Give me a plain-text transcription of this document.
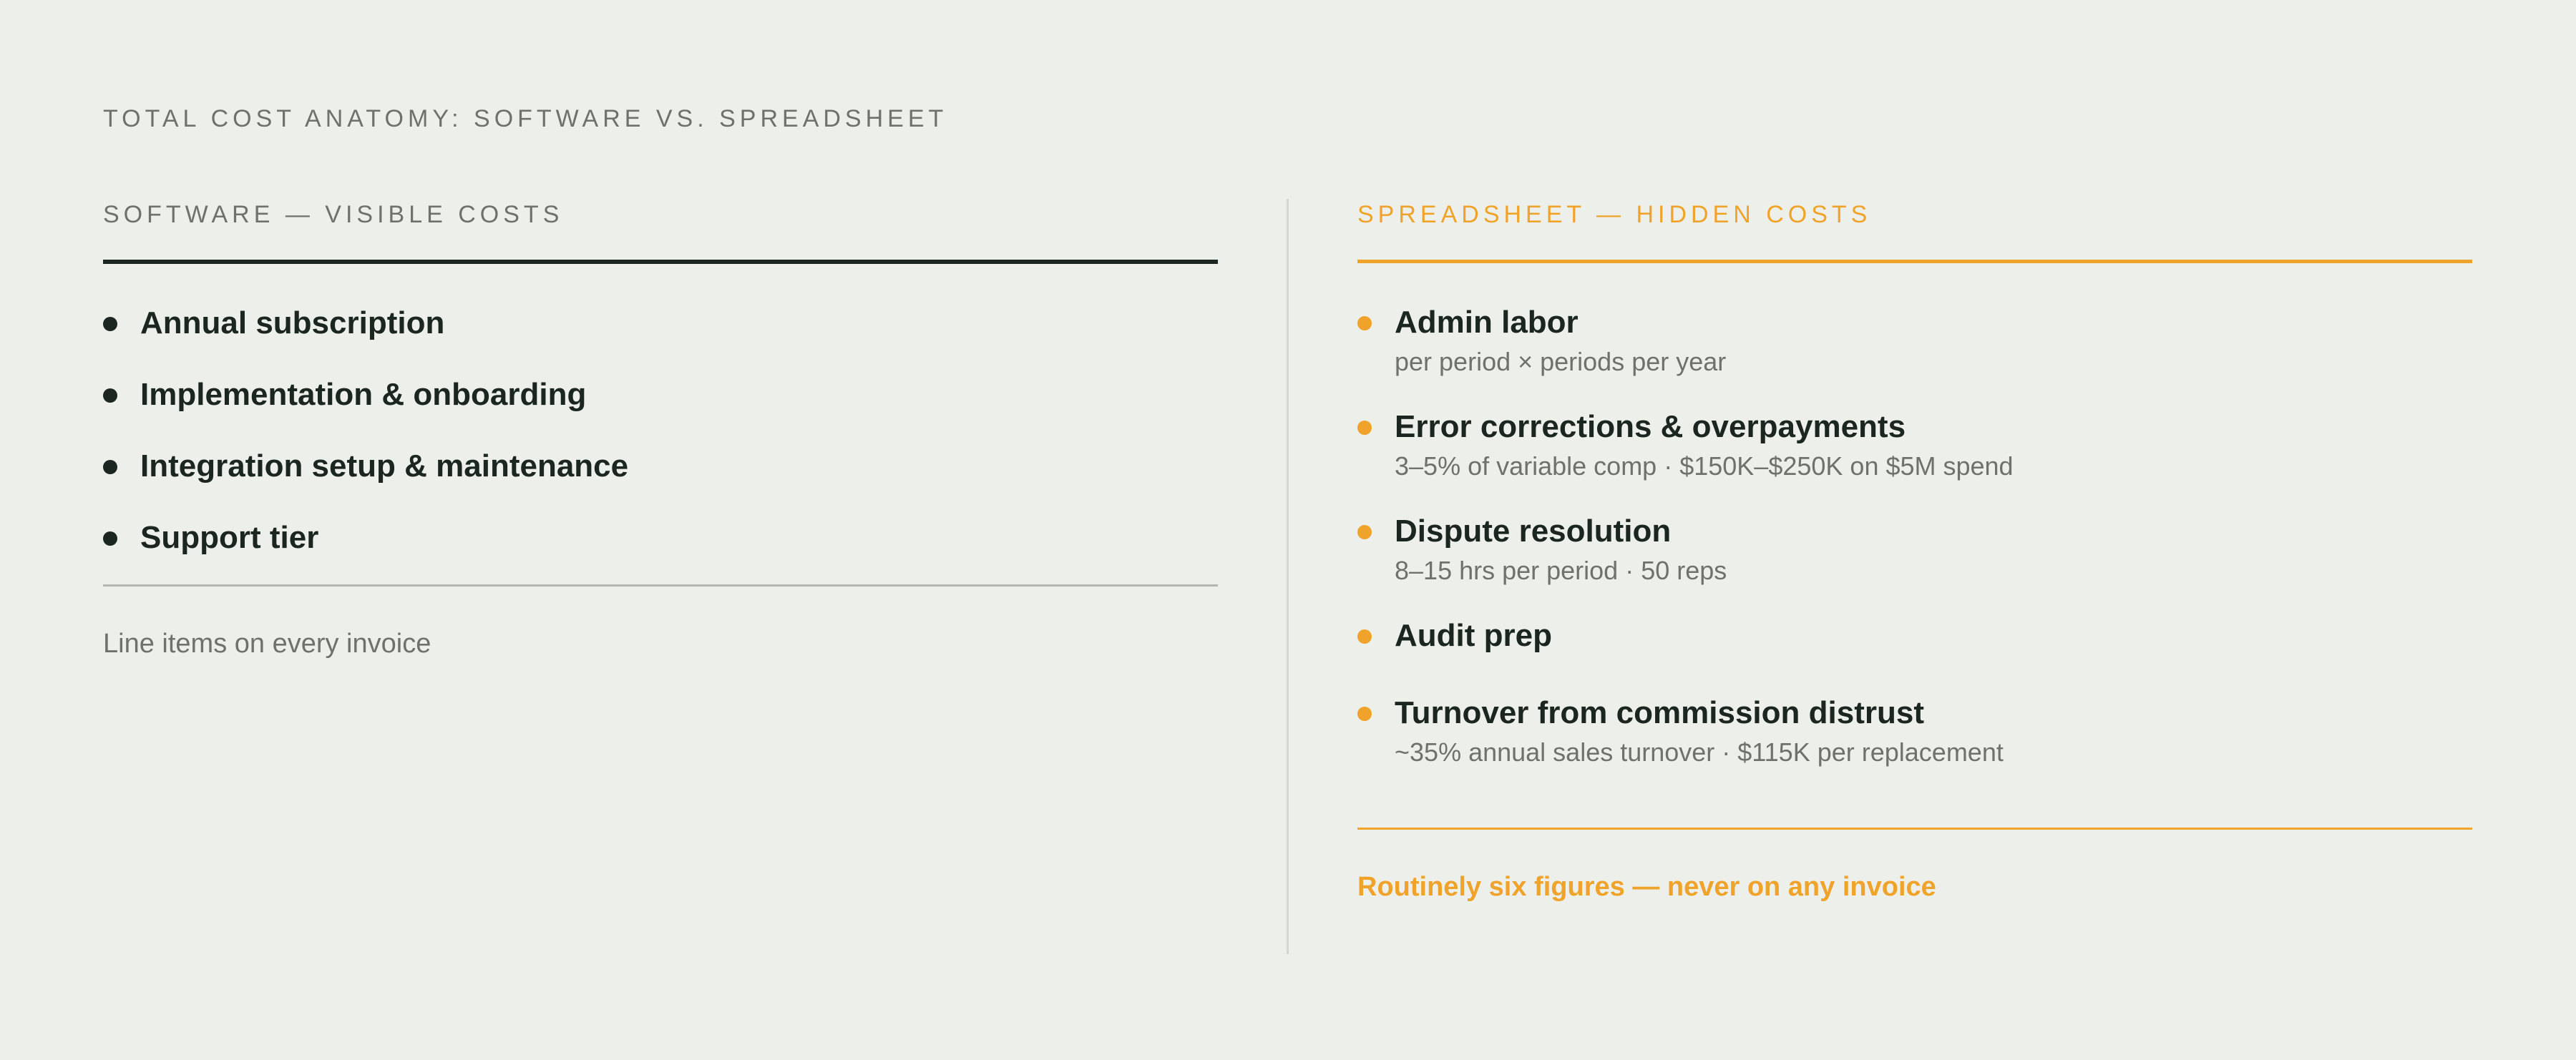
TOTAL COST ANATOMY: SOFTWARE VS. SPREADSHEET
SOFTWARE — VISIBLE COSTS
Annual subscription
Implementation & onboarding
Integration setup & maintenance
Support tier
Line items on every invoice
SPREADSHEET — HIDDEN COSTS
Admin labor
per period × periods per year
Error corrections & overpayments
3–5% of variable comp · $150K–$250K on $5M spend
Dispute resolution
8–15 hrs per period · 50 reps
Audit prep
Turnover from commission distrust
~35% annual sales turnover · $115K per replacement
Routinely six figures — never on any invoice
